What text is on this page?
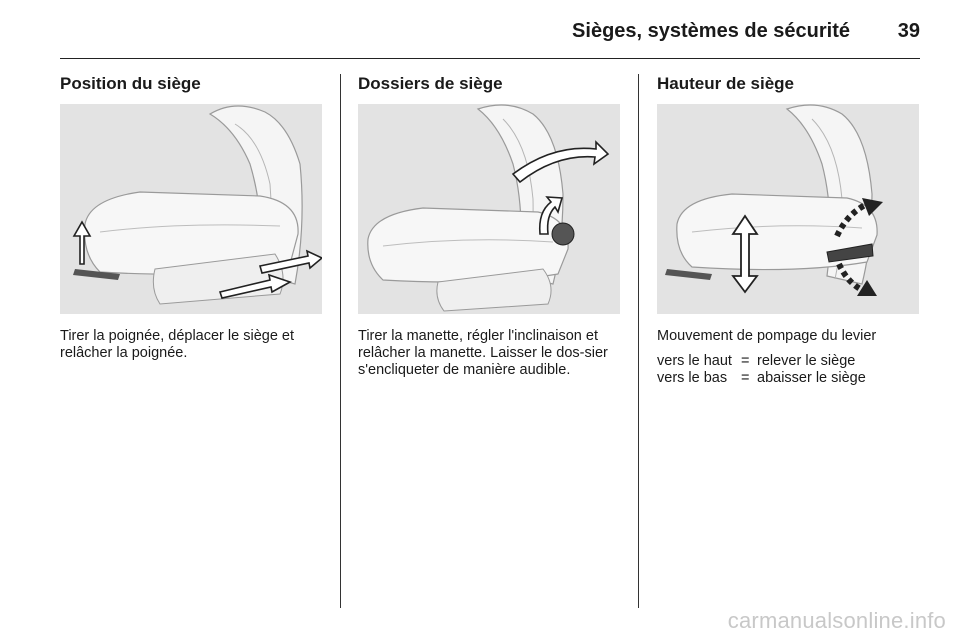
Sièges, systèmes de sécurité 39
Position du siège
Tirer la poignée, déplacer le siège et relâcher la poignée.
Dossiers de siège
Tirer la manette, régler l'inclinaison et relâcher la manette. Laisser le dos-sier s'encliqueter de manière audible.
Hauteur de siège
Mouvement de pompage du levier
vers le haut = relever le siège
vers le bas = abaisser le siège
carmanualsonline.info
